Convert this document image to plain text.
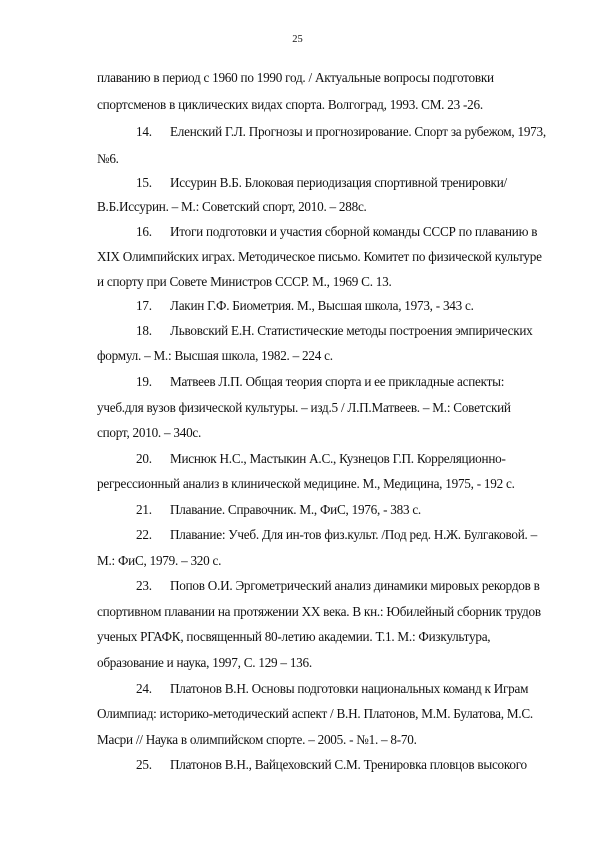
25
плаванию в период с 1960 по 1990 год. / Актуальные вопросы подготовки
спортсменов в циклических видах спорта. Волгоград, 1993. СМ. 23 -26.
14. Еленский Г.Л. Прогнозы и прогнозирование. Спорт за рубежом, 1973,
№6.
15. Иссурин В.Б. Блоковая периодизация спортивной тренировки/
В.Б.Иссурин. – М.: Советский спорт, 2010. – 288с.
16. Итоги подготовки и участия сборной команды СССР по плаванию в
XIX Олимпийских играх. Методическое письмо. Комитет по физической культуре
и спорту при Совете Министров СССР. М., 1969 С. 13.
17. Лакин Г.Ф. Биометрия. М., Высшая школа, 1973, - 343 с.
18. Львовский Е.Н. Статистические методы построения эмпирических
формул. – М.: Высшая школа, 1982. – 224 с.
19. Матвеев Л.П. Общая теория спорта и ее прикладные аспекты:
учеб.для вузов физической культуры. – изд.5 / Л.П.Матвеев. – М.: Советский
спорт, 2010. – 340с.
20. Миснюк Н.С., Мастыкин А.С., Кузнецов Г.П. Корреляционно-
регрессионный анализ в клинической медицине. М., Медицина, 1975, - 192 с.
21. Плавание. Справочник. М., ФиС, 1976, - 383 с.
22. Плавание: Учеб. Для ин-тов физ.культ. /Под ред. Н.Ж. Булгаковой. –
М.: ФиС, 1979. – 320 с.
23. Попов О.И. Эргометрический анализ динамики мировых рекордов в
спортивном плавании на протяжении XX века. В кн.: Юбилейный сборник трудов
ученых РГАФК, посвященный 80-летию академии. Т.1. М.: Физкультура,
образование и наука, 1997, С. 129 – 136.
24. Платонов В.Н. Основы подготовки национальных команд к Играм
Олимпиад: историко-методический аспект / В.Н. Платонов, М.М. Булатова, М.С.
Масри // Наука в олимпийском спорте. – 2005. - №1. – 8-70.
25. Платонов В.Н., Вайцеховский С.М. Тренировка пловцов высокого
